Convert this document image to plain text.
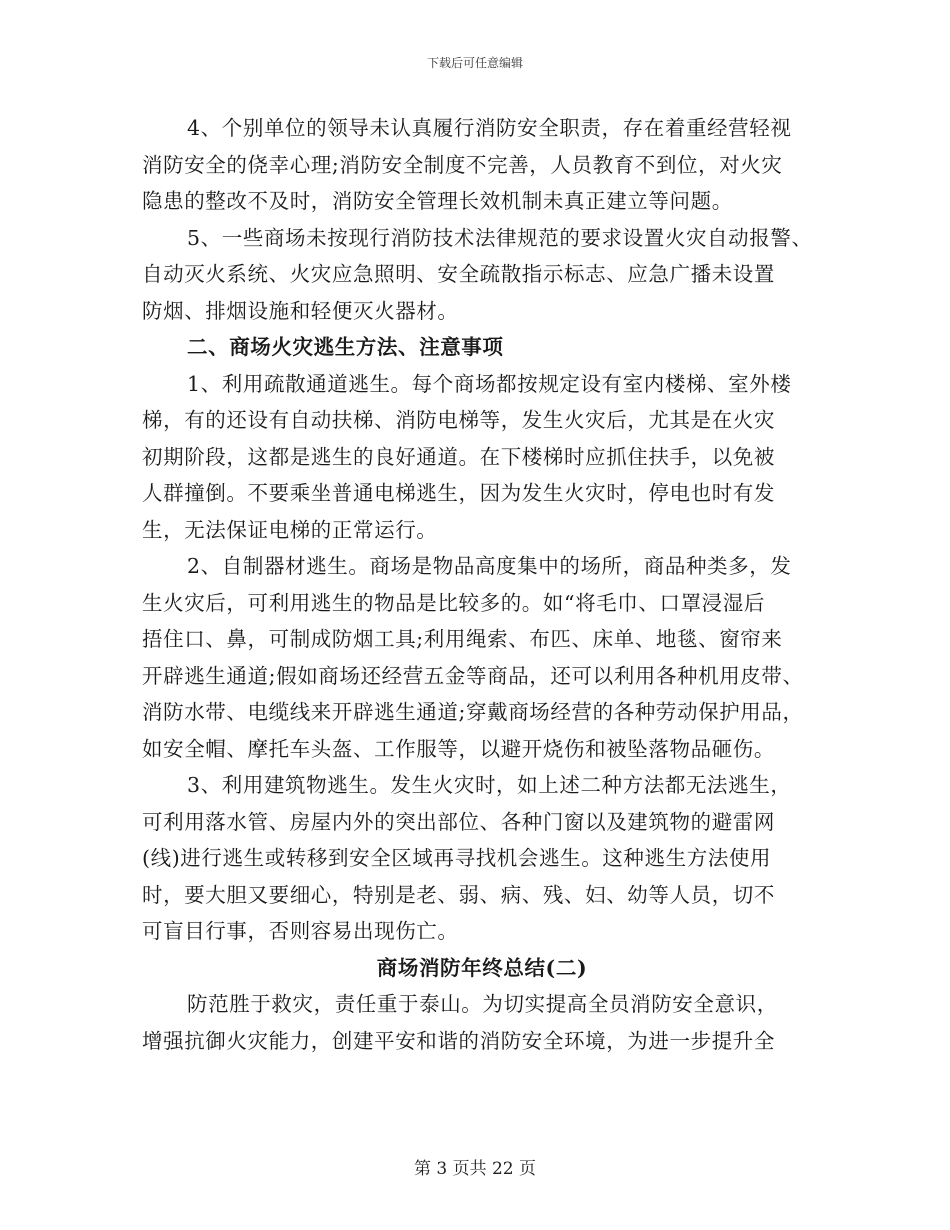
下载后可任意编辑

4、个别单位的领导未认真履行消防安全职责，存在着重经营轻视
消防安全的侥幸心理;消防安全制度不完善，人员教育不到位，对火灾
隐患的整改不及时，消防安全管理长效机制未真正建立等问题。

5、一些商场未按现行消防技术法律规范的要求设置火灾自动报警、
自动灭火系统、火灾应急照明、安全疏散指示标志、应急广播未设置
防烟、排烟设施和轻便灭火器材。

二、商场火灾逃生方法、注意事项

1、利用疏散通道逃生。每个商场都按规定设有室内楼梯、室外楼
梯，有的还设有自动扶梯、消防电梯等，发生火灾后，尤其是在火灾
初期阶段，这都是逃生的良好通道。在下楼梯时应抓住扶手，以免被
人群撞倒。不要乘坐普通电梯逃生，因为发生火灾时，停电也时有发
生，无法保证电梯的正常运行。

2、自制器材逃生。商场是物品高度集中的场所，商品种类多，发
生火灾后，可利用逃生的物品是比较多的。如“将毛巾、口罩浸湿后
捂住口、鼻，可制成防烟工具;利用绳索、布匹、床单、地毯、窗帘来
开辟逃生通道;假如商场还经营五金等商品，还可以利用各种机用皮带、
消防水带、电缆线来开辟逃生通道;穿戴商场经营的各种劳动保护用品，
如安全帽、摩托车头盔、工作服等，以避开烧伤和被坠落物品砸伤。

3、利用建筑物逃生。发生火灾时，如上述二种方法都无法逃生，
可利用落水管、房屋内外的突出部位、各种门窗以及建筑物的避雷网
(线)进行逃生或转移到安全区域再寻找机会逃生。这种逃生方法使用
时，要大胆又要细心，特别是老、弱、病、残、妇、幼等人员，切不
可盲目行事，否则容易出现伤亡。

商场消防年终总结(二)

防范胜于救灾，责任重于泰山。为切实提高全员消防安全意识，
增强抗御火灾能力，创建平安和谐的消防安全环境，为进一步提升全

第 3 页共 22 页
